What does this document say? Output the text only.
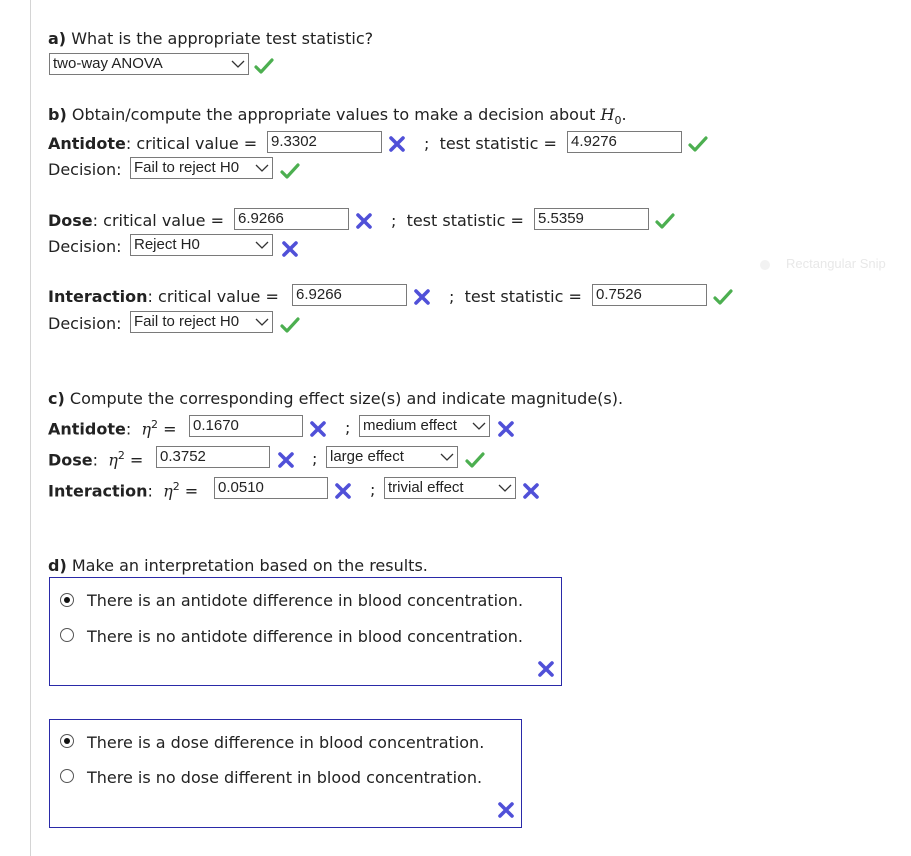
a) What is the appropriate test statistic?
two-way ANOVA
b) Obtain/compute the appropriate values to make a decision about $H_0$.
Antidote: critical value = 9.3302	; test statistic = 4.9276
Decision: Fail to reject H0
Dose: critical value = 6.9266	; test statistic = 5.5359
Decision: Reject H0
Rectangular Snip
Interaction: critical value = 6.9266	; test statistic = 0.7526
Decision: Fail to reject H0
c) Compute the corresponding effect size(s) and indicate magnitude(s).
Antidote: $\eta^2 = 0.1670$	; medium effect
Dose: $\eta^2 = 0.3752$	; large effect
Interaction: $\eta^2 = 0.0510$	; trivial effect
d) Make an interpretation based on the results.
There is an antidote difference in blood concentration.
There is no antidote difference in blood concentration.
There is a dose difference in blood concentration.
There is no dose different in blood concentration.
